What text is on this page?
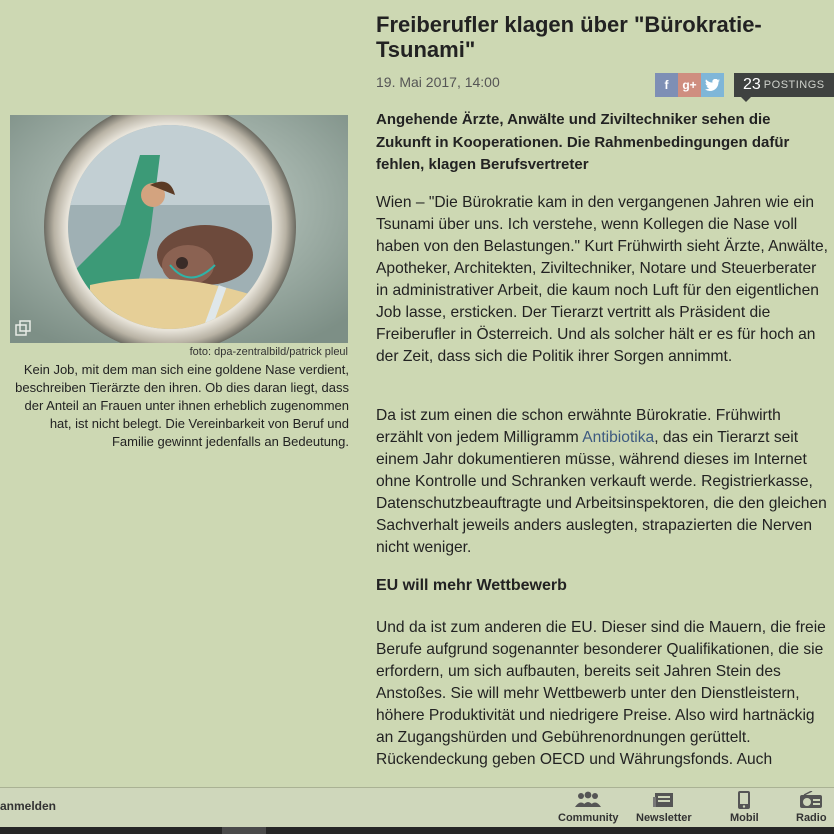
Freiberufler klagen über "Bürokratie-Tsunami"
19. Mai 2017, 14:00	f	g+	23 POSTINGS
foto: dpa-zentralbild/patrick pleul
Kein Job, mit dem man sich eine goldene Nase verdient, beschreiben Tierärzte den ihren. Ob dies daran liegt, dass der Anteil an Frauen unter ihnen erheblich zugenommen hat, ist nicht belegt. Die Vereinbarkeit von Beruf und Familie gewinnt jedenfalls an Bedeutung.

Angehende Ärzte, Anwälte und Ziviltechniker sehen die Zukunft in Kooperationen. Die Rahmenbedingungen dafür fehlen, klagen Berufsvertreter

Wien – "Die Bürokratie kam in den vergangenen Jahren wie ein Tsunami über uns. Ich verstehe, wenn Kollegen die Nase voll haben von den Belastungen." Kurt Frühwirth sieht Ärzte, Anwälte, Apotheker, Architekten, Ziviltechniker, Notare und Steuerberater in administrativer Arbeit, die kaum noch Luft für den eigentlichen Job lasse, ersticken. Der Tierarzt vertritt als Präsident die Freiberufler in Österreich. Und als solcher hält er es für hoch an der Zeit, dass sich die Politik ihrer Sorgen annimmt.

Da ist zum einen die schon erwähnte Bürokratie. Frühwirth erzählt von jedem Milligramm Antibiotika, das ein Tierarzt seit einem Jahr dokumentieren müsse, während dieses im Internet ohne Kontrolle und Schranken verkauft werde. Registrierkasse, Datenschutzbeauftragte und Arbeitsinspektoren, die den gleichen Sachverhalt jeweils anders auslegten, strapazierten die Nerven nicht weniger.

EU will mehr Wettbewerb

Und da ist zum anderen die EU. Dieser sind die Mauern, die freie Berufe aufgrund sogenannter besonderer Qualifikationen, die sie erfordern, um sich aufbauten, bereits seit Jahren Stein des Anstoßes. Sie will mehr Wettbewerb unter den Dienstleistern, höhere Produktivität und niedrigere Preise. Also wird hartnäckig an Zugangshürden und Gebührenordnungen gerüttelt. Rückendeckung geben OECD und Währungsfonds. Auch

anmelden
Community Newsletter	Mobil	Radio
